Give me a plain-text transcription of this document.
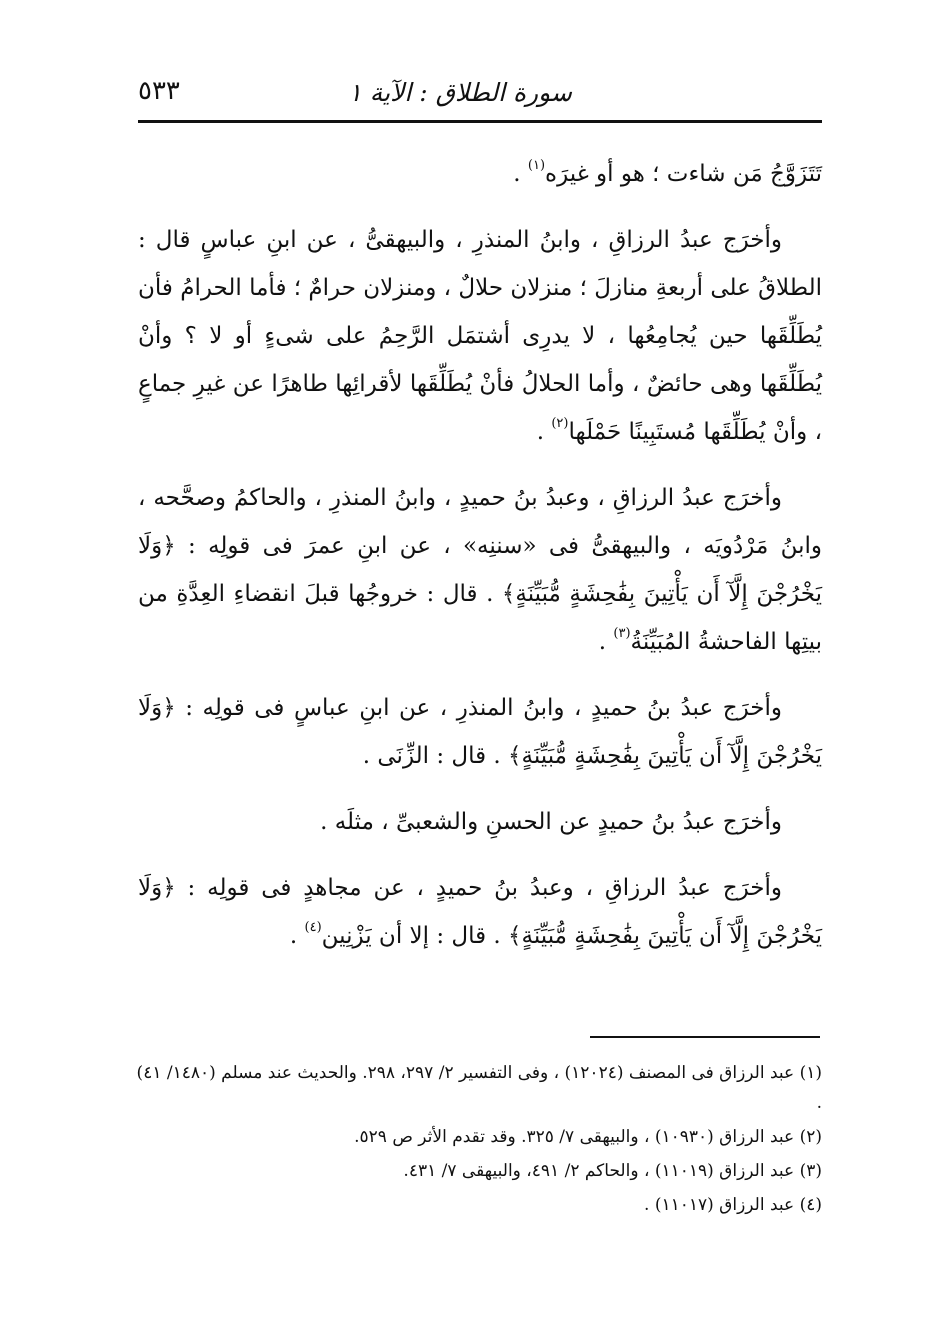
سورة الطلاق : الآية ١
٥٣٣

تَتَزَوَّجُ مَن شاءت ؛ هو أو غيرَه$^{(١)}$ .

وأخرَج عبدُ الرزاقِ ، وابنُ المنذرِ ، والبيهقىُّ ، عن ابنِ عباسٍ قال : الطلاقُ على أربعةِ منازلَ ؛ منزلان حلالٌ ، ومنزلان حرامٌ ؛ فأما الحرامُ فأن يُطَلِّقَها حين يُجامِعُها ، لا يدرِى أشتمَل الرَّحِمُ على شىءٍ أو لا ؟ وأنْ يُطَلِّقَها وهى حائضٌ ، وأما الحلالُ فأنْ يُطَلِّقَها لأقرائِها طاهرًا عن غيرِ جماعٍ ، وأنْ يُطَلِّقَها مُستَبِينًا حَمْلَها$^{(٢)}$ .

وأخرَج عبدُ الرزاقِ ، وعبدُ بنُ حميدٍ ، وابنُ المنذرِ ، والحاكمُ وصحَّحه ، وابنُ مَرْدُويَه ، والبيهقىُّ فى «سننِه» ، عن ابنِ عمرَ فى قولِه : ﴿وَلَا يَخْرُجْنَ إِلَّآ أَن يَأْتِينَ بِفَٰحِشَةٍ مُّبَيِّنَةٍ﴾ . قال : خروجُها قبلَ انقضاءِ العِدَّةِ من بيتِها الفاحشةُ المُبَيِّنَةُ$^{(٣)}$ .

وأخرَج عبدُ بنُ حميدٍ ، وابنُ المنذرِ ، عن ابنِ عباسٍ فى قولِه : ﴿وَلَا يَخْرُجْنَ إِلَّآ أَن يَأْتِينَ بِفَٰحِشَةٍ مُّبَيِّنَةٍ﴾ . قال : الزِّنَى .

وأخرَج عبدُ بنُ حميدٍ عن الحسنِ والشعبىِّ ، مثلَه .

وأخرَج عبدُ الرزاقِ ، وعبدُ بنُ حميدٍ ، عن مجاهدٍ فى قولِه : ﴿وَلَا يَخْرُجْنَ إِلَّآ أَن يَأْتِينَ بِفَٰحِشَةٍ مُّبَيِّنَةٍ﴾ . قال : إلا أن يَزْنِين$^{(٤)}$ .

(١) عبد الرزاق فى المصنف (١٢٠٢٤) ، وفى التفسير ٢/ ٢٩٧، ٢٩٨. والحديث عند مسلم (١٤٨٠/ ٤١) .
(٢) عبد الرزاق (١٠٩٣٠) ، والبيهقى ٧/ ٣٢٥. وقد تقدم الأثر ص ٥٢٩.
(٣) عبد الرزاق (١١٠١٩) ، والحاكم ٢/ ٤٩١، والبيهقى ٧/ ٤٣١.
(٤) عبد الرزاق (١١٠١٧) .
